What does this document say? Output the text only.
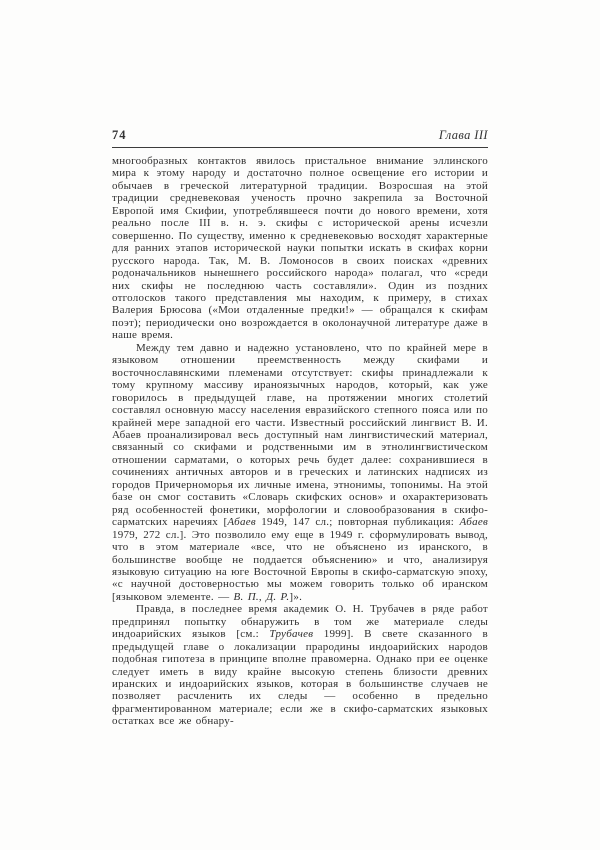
74	Глава III

многообразных контактов явилось пристальное внимание эллинского мира к этому народу и достаточно полное освещение его истории и обычаев в греческой литературной традиции. Возросшая на этой традиции средневековая ученость прочно закрепила за Восточной Европой имя Скифии, употреблявшееся почти до нового времени, хотя реально после III в. н. э. скифы с исторической арены исчезли совершенно. По существу, именно к средневековью восходят характерные для ранних этапов исторической науки попытки искать в скифах корни русского народа. Так, М. В. Ломоносов в своих поисках «древних родоначальников нынешнего российского народа» полагал, что «среди них скифы не последнюю часть составляли». Один из поздних отголосков такого представления мы находим, к примеру, в стихах Валерия Брюсова («Мои отдаленные предки!» — обращался к скифам поэт); периодически оно возрождается в околонаучной литературе даже в наше время.

Между тем давно и надежно установлено, что по крайней мере в языковом отношении преемственность между скифами и восточнославянскими племенами отсутствует: скифы принадлежали к тому крупному массиву ираноязычных народов, который, как уже говорилось в предыдущей главе, на протяжении многих столетий составлял основную массу населения евразийского степного пояса или по крайней мере западной его части. Известный российский лингвист В. И. Абаев проанализировал весь доступный нам лингвистический материал, связанный со скифами и родственными им в этнолингвистическом отношении сарматами, о которых речь будет далее: сохранившиеся в сочинениях античных авторов и в греческих и латинских надписях из городов Причерноморья их личные имена, этнонимы, топонимы. На этой базе он смог составить «Словарь скифских основ» и охарактеризовать ряд особенностей фонетики, морфологии и словообразования в скифо-сарматских наречиях [Абаев 1949, 147 сл.; повторная публикация: Абаев 1979, 272 сл.]. Это позволило ему еще в 1949 г. сформулировать вывод, что в этом материале «все, что не объяснено из иранского, в большинстве вообще не поддается объяснению» и что, анализируя языковую ситуацию на юге Восточной Европы в скифо-сарматскую эпоху, «с научной достоверностью мы можем говорить только об иранском [языковом элементе. — В. П., Д. Р.]».

Правда, в последнее время академик О. Н. Трубачев в ряде работ предпринял попытку обнаружить в том же материале следы индоарийских языков [см.: Трубачев 1999]. В свете сказанного в предыдущей главе о локализации прародины индоарийских народов подобная гипотеза в принципе вполне правомерна. Однако при ее оценке следует иметь в виду крайне высокую степень близости древних иранских и индоарийских языков, которая в большинстве случаев не позволяет расчленить их следы — особенно в предельно фрагментированном материале; если же в скифо-сарматских языковых остатках все же обнару-
